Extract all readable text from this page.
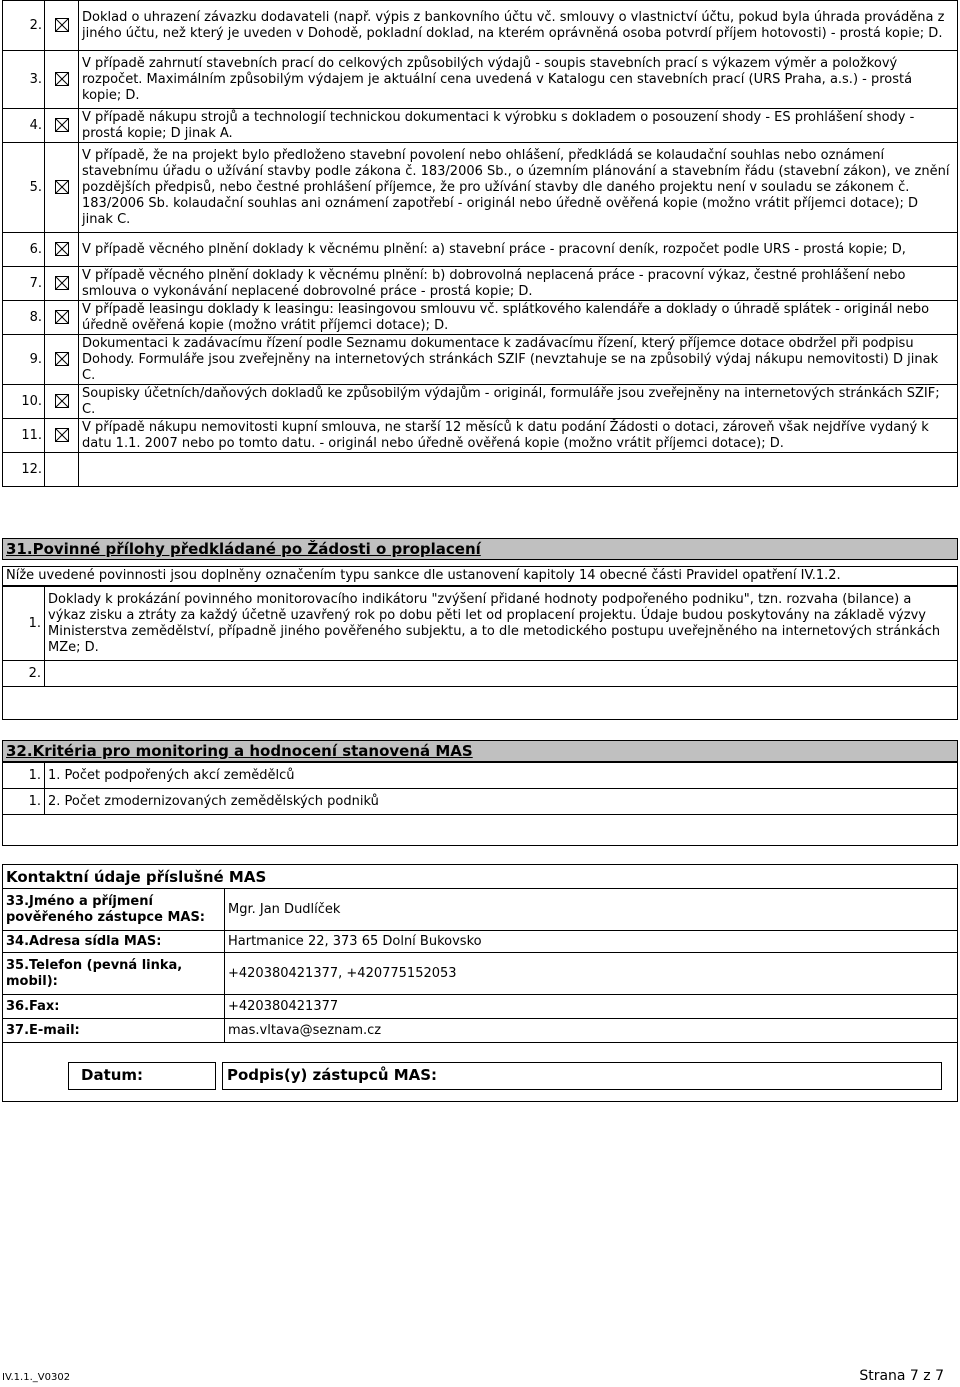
2.		Doklad o uhrazení závazku dodavateli (např. výpis z bankovního účtu vč. smlouvy o vlastnictví účtu, pokud byla úhrada prováděna z jiného účtu, než který je uveden v Dohodě, pokladní doklad, na kterém oprávněná osoba potvrdí příjem hotovosti) - prostá kopie; D.
3.		V případě zahrnutí stavebních prací do celkových způsobilých výdajů - soupis stavebních prací s výkazem výměr a položkový rozpočet. Maximálním způsobilým výdajem je aktuální cena uvedená v Katalogu cen stavebních prací (URS Praha, a.s.) - prostá kopie; D.
4.		V případě nákupu strojů a technologií technickou dokumentaci k výrobku s dokladem o posouzení shody - ES prohlášení shody - prostá kopie; D jinak A.
5.		V případě, že na projekt bylo předloženo stavební povolení nebo ohlášení, předkládá se kolaudační souhlas nebo oznámení stavebnímu úřadu o užívání stavby podle zákona č. 183/2006 Sb., o územním plánování a stavebním řádu (stavební zákon), ve znění pozdějších předpisů, nebo čestné prohlášení příjemce, že pro užívání stavby dle daného projektu není v souladu se zákonem č. 183/2006 Sb. kolaudační souhlas ani oznámení zapotřebí - originál nebo úředně ověřená kopie (možno vrátit příjemci dotace); D jinak C.
6.		V případě věcného plnění doklady k věcnému plnění: a) stavební práce - pracovní deník, rozpočet podle URS - prostá kopie; D,
7.		V případě věcného plnění doklady k věcnému plnění: b) dobrovolná neplacená práce - pracovní výkaz, čestné prohlášení nebo smlouva o vykonávání neplacené dobrovolné práce - prostá kopie; D.
8.		V případě leasingu doklady k leasingu: leasingovou smlouvu vč. splátkového kalendáře a doklady o úhradě splátek - originál nebo úředně ověřená kopie (možno vrátit příjemci dotace); D.
9.		Dokumentaci k zadávacímu řízení podle Seznamu dokumentace k zadávacímu řízení, který příjemce dotace obdržel při podpisu Dohody. Formuláře jsou zveřejněny na internetových stránkách SZIF (nevztahuje se na způsobilý výdaj nákupu nemovitosti) D jinak C.
10.		Soupisky účetních/daňových dokladů ke způsobilým výdajům - originál, formuláře jsou zveřejněny na internetových stránkách SZIF; C.
11.		V případě nákupu nemovitosti kupní smlouva, ne starší 12 měsíců k datu podání Žádosti o dotaci, zároveň však nejdříve vydaný k datu 1.1. 2007 nebo po tomto datu. - originál nebo úředně ověřená kopie (možno vrátit příjemci dotace); D.
12.		
31.Povinné přílohy předkládané po Žádosti o proplacení
Níže uvedené povinnosti jsou doplněny označením typu sankce dle ustanovení kapitoly 14 obecné části Pravidel opatření IV.1.2.
1.	Doklady k prokázání povinného monitorovacího indikátoru "zvýšení přidané hodnoty podpořeného podniku", tzn. rozvaha (bilance) a výkaz zisku a ztráty za každý účetně uzavřený rok po dobu pěti let od proplacení projektu. Údaje budou poskytovány na základě výzvy Ministerstva zemědělství, případně jiného pověřeného subjektu, a to dle metodického postupu uveřejněného na internetových stránkách MZe; D.
2.	
32.Kritéria pro monitoring a hodnocení stanovená MAS
1.	1. Počet podpořených akcí zemědělců
1.	2. Počet zmodernizovaných zemědělských podniků
Kontaktní údaje příslušné MAS
33.Jméno a příjmení pověřeného zástupce MAS:	Mgr. Jan Dudlíček
34.Adresa sídla MAS:	Hartmanice 22, 373 65 Dolní Bukovsko
35.Telefon (pevná linka, mobil):	+420380421377, +420775152053
36.Fax:	+420380421377
37.E-mail:	mas.vltava@seznam.cz
Datum:	Podpis(y) zástupců MAS:
IV.1.1._V0302	Strana 7 z 7
